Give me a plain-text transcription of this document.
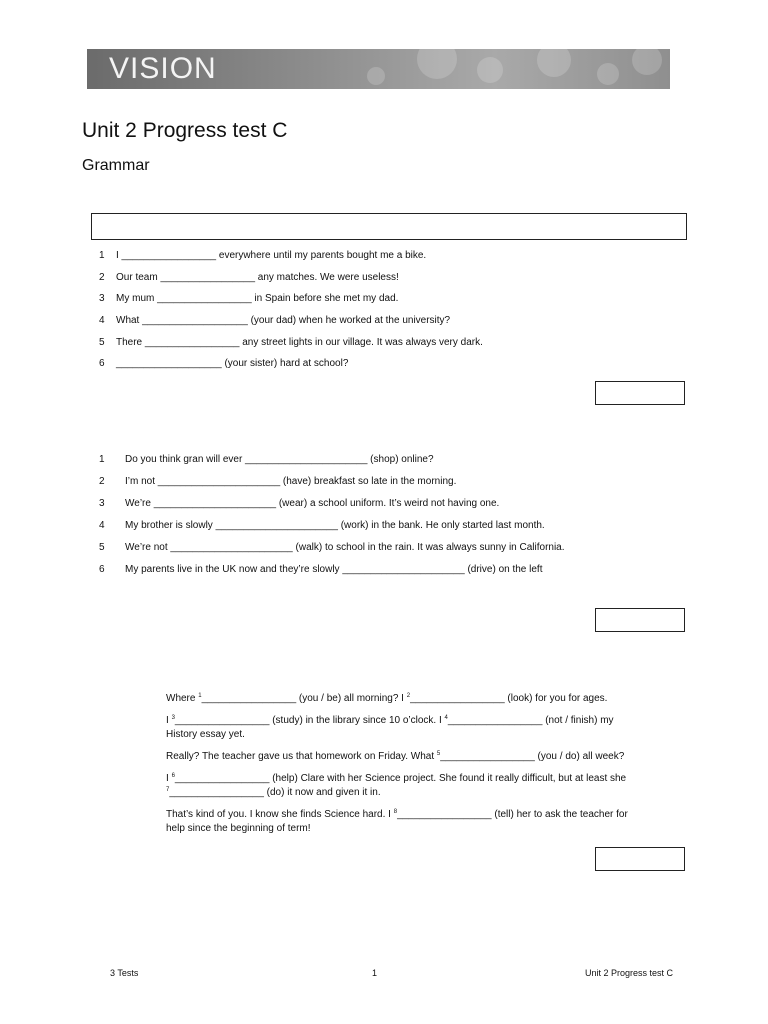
VISION
Unit 2 Progress test C
Grammar
1 I _________________ everywhere until my parents bought me a bike.
2 Our team _________________ any matches. We were useless!
3 My mum _________________ in Spain before she met my dad.
4 What ___________________ (your dad) when he worked at the university?
5 There _________________ any street lights in our village. It was always very dark.
6 ___________________ (your sister) hard at school?
1 Do you think gran will ever ______________________ (shop) online?
2 I’m not ______________________ (have) breakfast so late in the morning.
3 We’re ______________________ (wear) a school uniform. It’s weird not having one.
4 My brother is slowly ______________________ (work) in the bank. He only started last month.
5 We’re not ______________________ (walk) to school in the rain. It was always sunny in California.
6 My parents live in the UK now and they’re slowly ______________________ (drive) on the left

Where $^1$_________________ (you / be) all morning? I $^2$_________________ (look) for you for ages.

I $^3$_________________ (study) in the library since 10 o’clock. I $^4$_________________ (not / finish) my

History essay yet.

Really? The teacher gave us that homework on Friday. What $^5$_________________ (you / do) all week?

I $^6$_________________ (help) Clare with her Science project. She found it really difficult, but at least she

$^7$_________________ (do) it now and given it in.

That’s kind of you. I know she finds Science hard. I $^8$_________________ (tell) her to ask the teacher for

help since the beginning of term!

3 Tests	1	Unit 2 Progress test C
